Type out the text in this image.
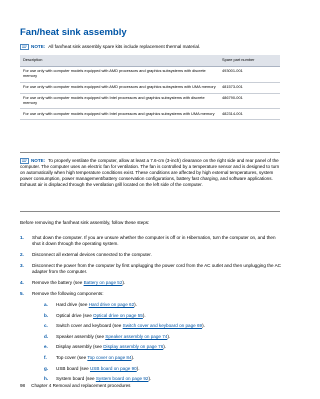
Fan/heat sink assembly
NOTE: All fan/heat sink assembly spare kits include replacement thermal material.
Description	Spare part number
For use only with computer models equipped with AMD processors and graphics subsystems with discrete memory	493001-001
For use only with computer models equipped with AMD processors and graphics subsystems with UMA memory	481573-001
For use only with computer models equipped with Intel processors and graphics subsystems with discrete memory	486790-001
For use only with computer models equipped with Intel processors and graphics subsystems with UMA memory	482314-001
NOTE: To properly ventilate the computer, allow at least a 7.6-cm (3-inch) clearance on the right side and rear panel of the computer. The computer uses an electric fan for ventilation. The fan is controlled by a temperature sensor and is designed to turn on automatically when high temperature conditions exist. These conditions are affected by high external temperatures, system power consumption, power management/battery conservation configurations, battery fast charging, and software applications. Exhaust air is displaced through the ventilation grill located on the left side of the computer.
Before removing the fan/heat sink assembly, follow these steps:
1. Shut down the computer. If you are unsure whether the computer is off or in Hibernation, turn the computer on, and then shut it down through the operating system.
2. Disconnect all external devices connected to the computer.
3. Disconnect the power from the computer by first unplugging the power cord from the AC outlet and then unplugging the AC adapter from the computer.
4. Remove the battery (see Battery on page 52).
5. Remove the following components:
a. Hard drive (see Hard drive on page 62).
b. Optical drive (see Optical drive on page 55).
c. Switch cover and keyboard (see Switch cover and keyboard on page 69).
d. Speaker assembly (see Speaker assembly on page 74).
e. Display assembly (see Display assembly on page 76).
f. Top cover (see Top cover on page 84).
g. USB board (see USB board on page 90).
h. System board (see System board on page 92).
98 Chapter 4 Removal and replacement procedures
